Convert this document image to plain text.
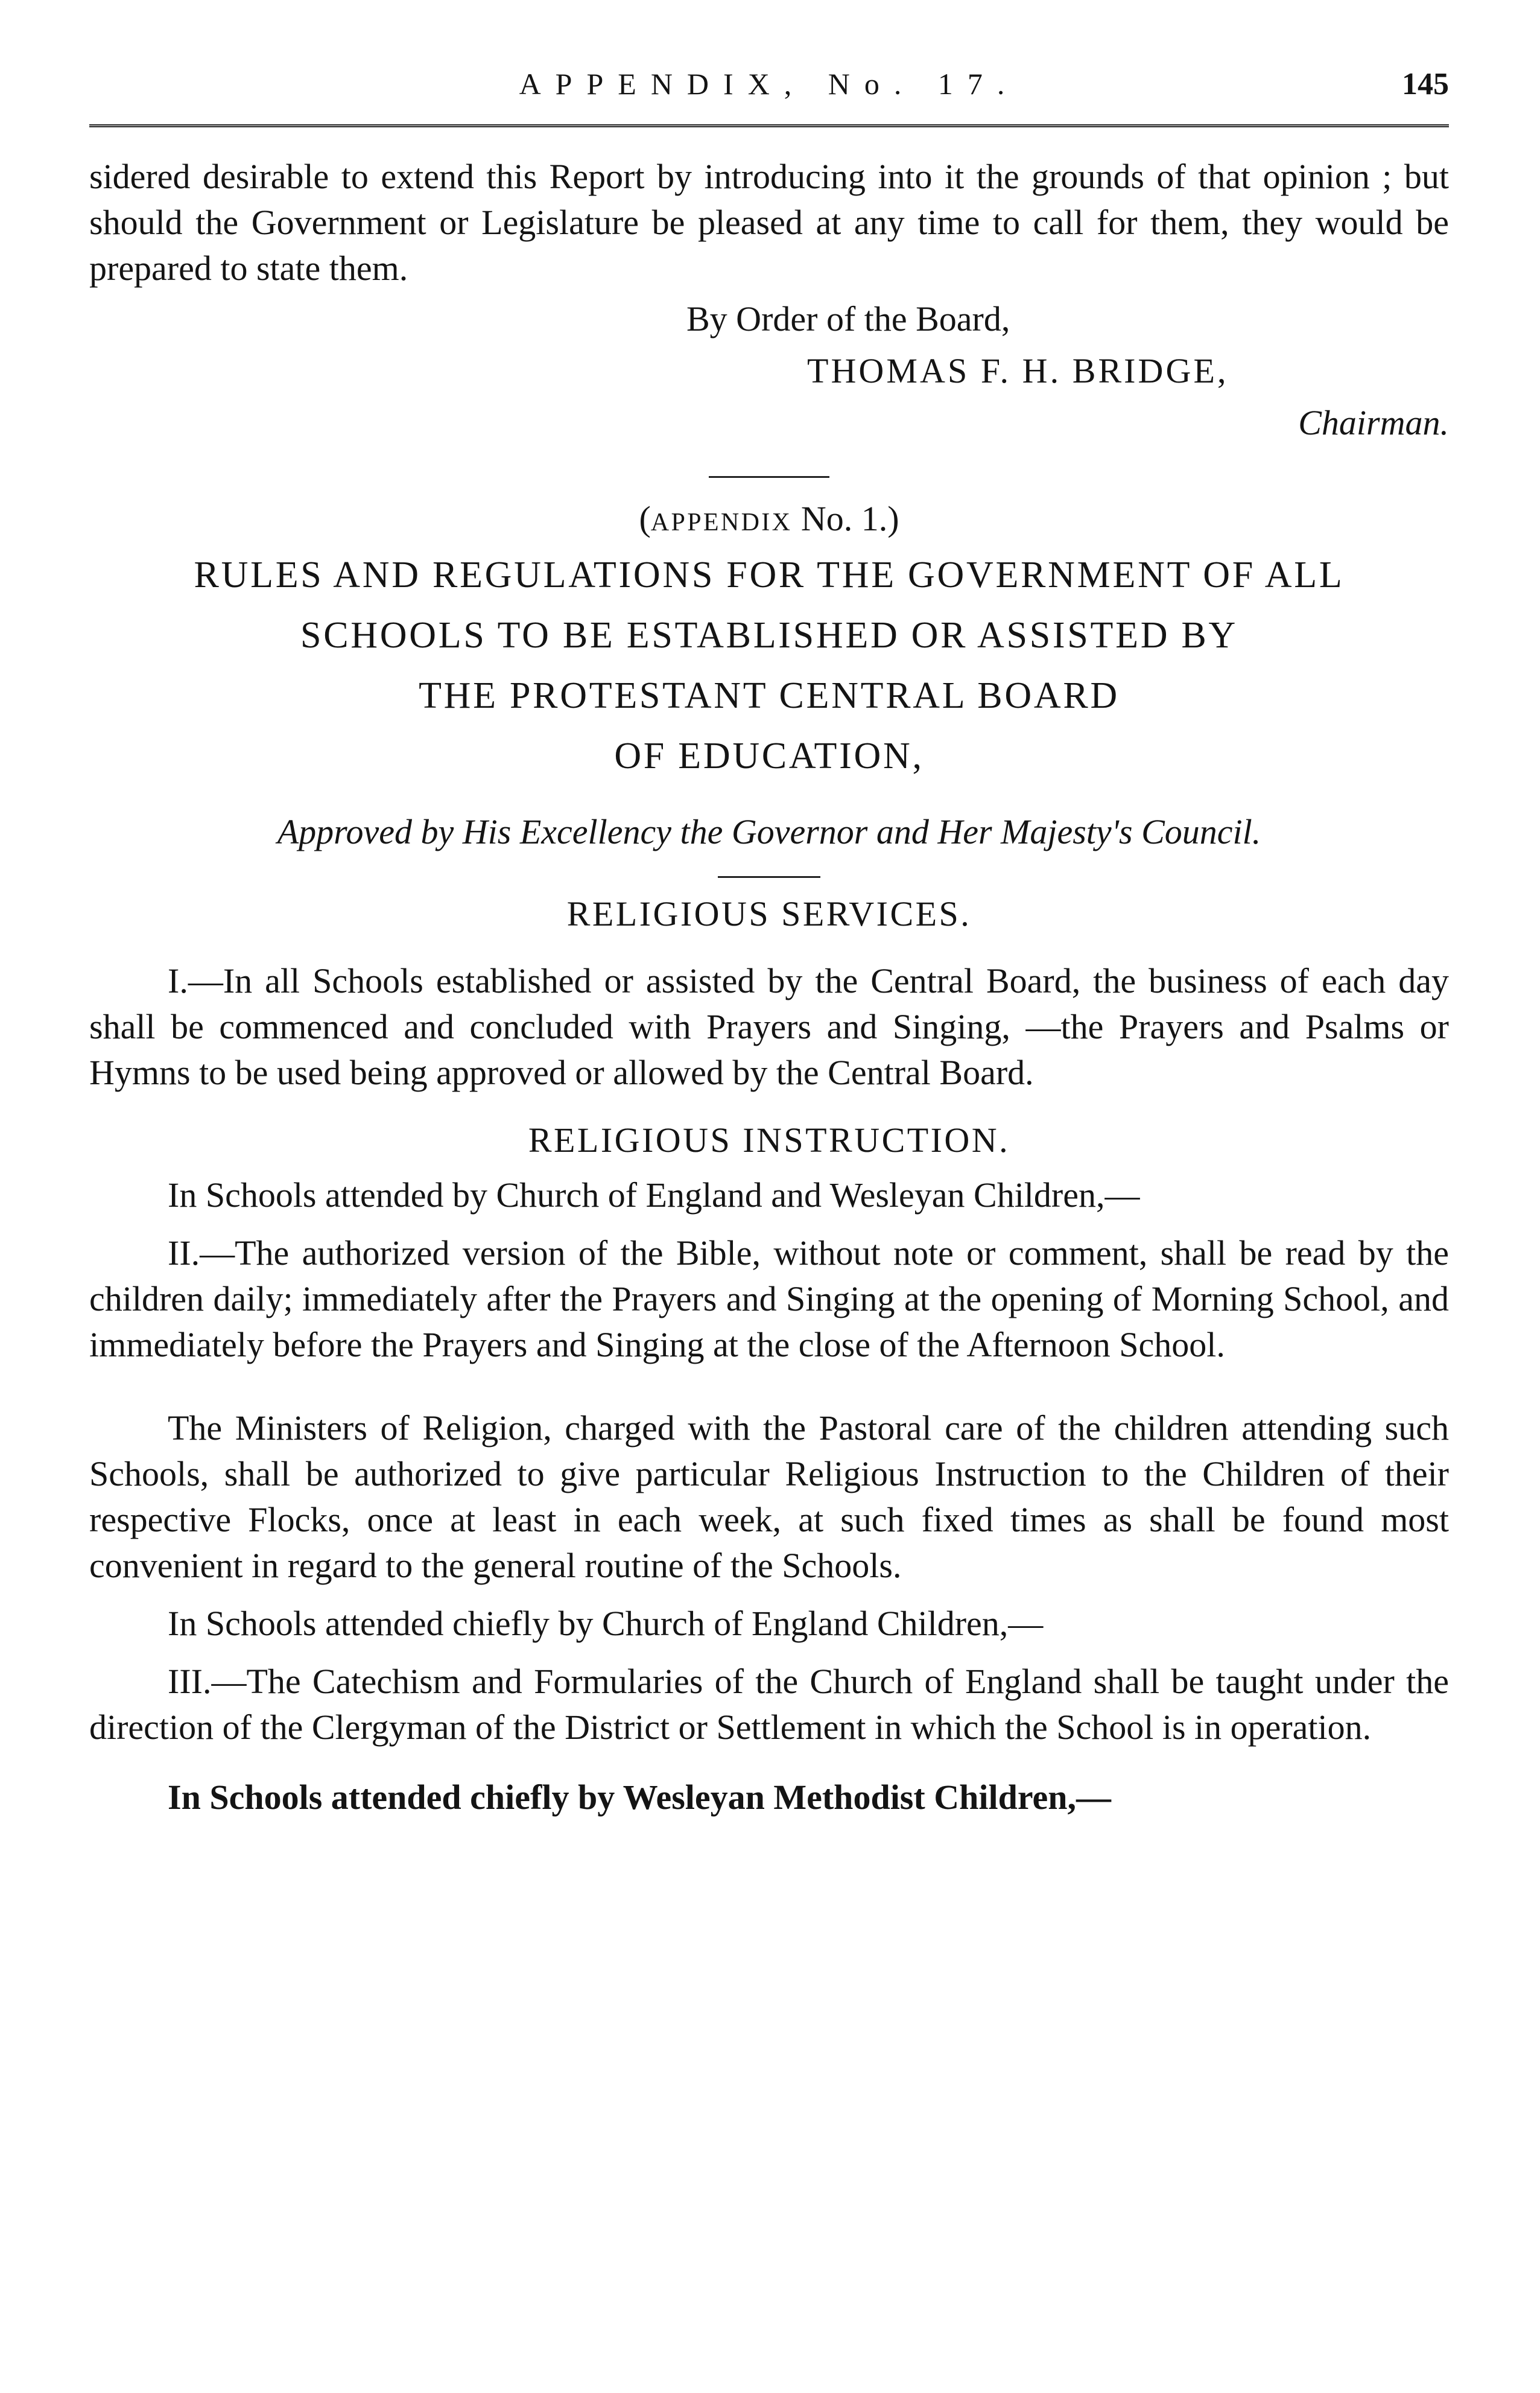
APPENDIX, No. 17.	145

sidered desirable to extend this Report by introducing into it the grounds of that opinion ; but should the Government or Legislature be pleased at any time to call for them, they would be prepared to state them.

By Order of the Board,
THOMAS F. H. BRIDGE,
Chairman.
(APPENDIX No. 1.)
RULES AND REGULATIONS FOR THE GOVERNMENT OF ALL
SCHOOLS TO BE ESTABLISHED OR ASSISTED BY
THE PROTESTANT CENTRAL BOARD
OF EDUCATION,
Approved by His Excellency the Governor and Her Majesty's Council.
RELIGIOUS SERVICES.

I.—In all Schools established or assisted by the Central Board, the business of each day shall be commenced and concluded with Prayers and Singing, —the Prayers and Psalms or Hymns to be used being approved or allowed by the Central Board.

RELIGIOUS INSTRUCTION.

In Schools attended by Church of England and Wesleyan Children,—

II.—The authorized version of the Bible, without note or comment, shall be read by the children daily; immediately after the Prayers and Singing at the opening of Morning School, and immediately before the Prayers and Singing at the close of the Afternoon School.

The Ministers of Religion, charged with the Pastoral care of the children attending such Schools, shall be authorized to give particular Religious Instruction to the Children of their respective Flocks, once at least in each week, at such fixed times as shall be found most convenient in regard to the general routine of the Schools.

In Schools attended chiefly by Church of England Children,—

III.—The Catechism and Formularies of the Church of England shall be taught under the direction of the Clergyman of the District or Settlement in which the School is in operation.

In Schools attended chiefly by Wesleyan Methodist Children,—
